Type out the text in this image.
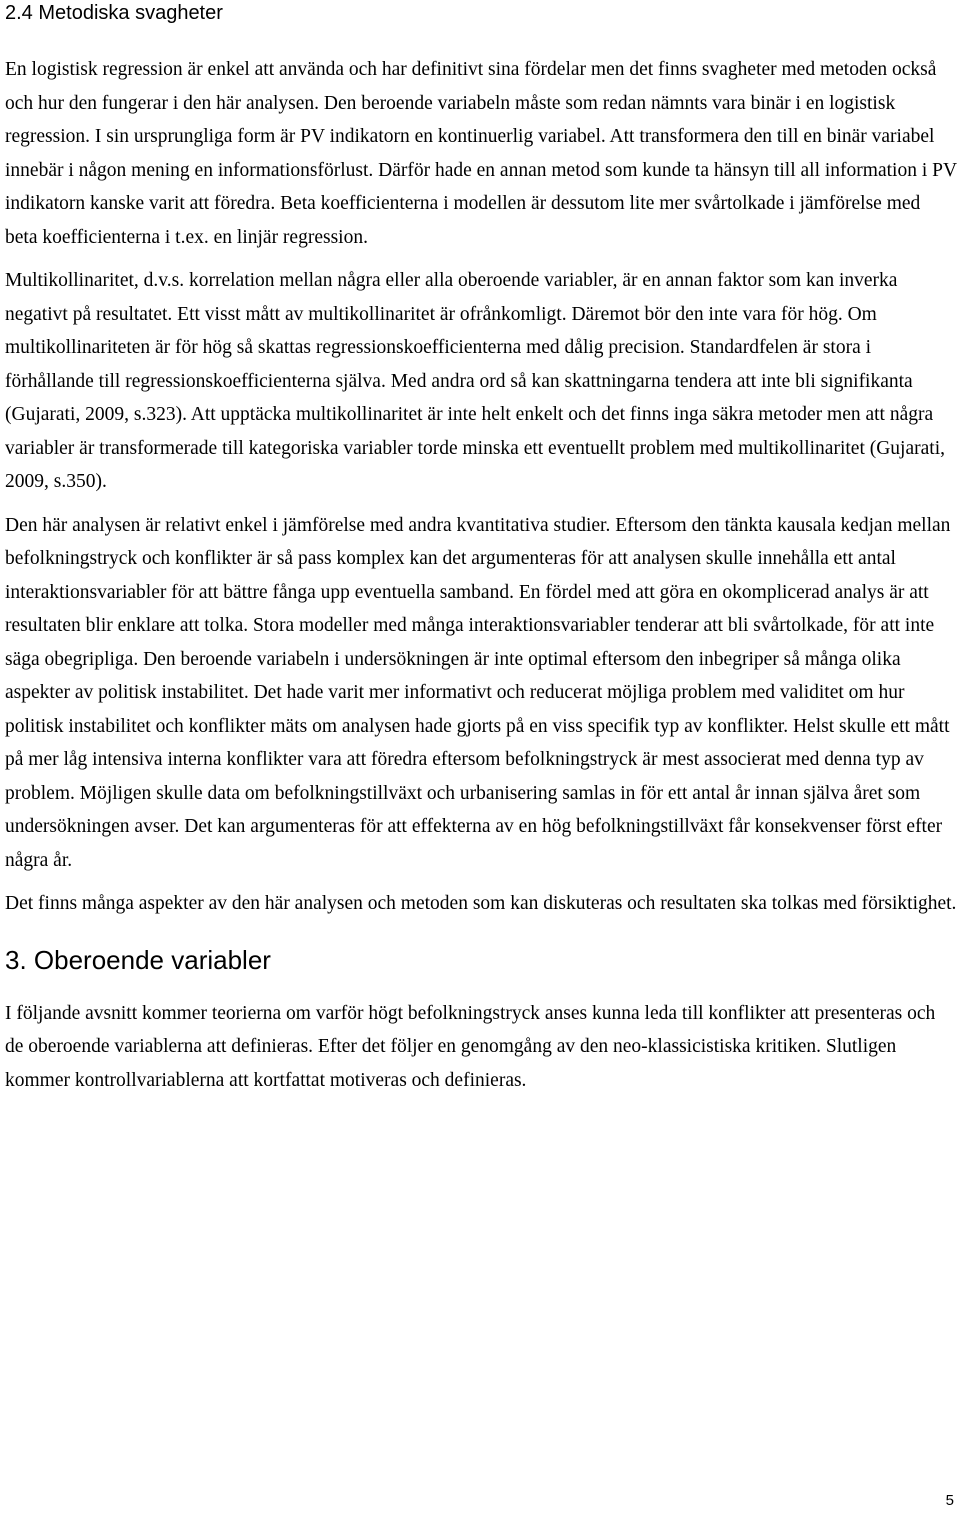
2.4 Metodiska svagheter

En logistisk regression är enkel att använda och har definitivt sina fördelar men det finns svagheter med metoden också och hur den fungerar i den här analysen. Den beroende variabeln måste som redan nämnts vara binär i en logistisk regression. I sin ursprungliga form är PV indikatorn en kontinuerlig variabel. Att transformera den till en binär variabel innebär i någon mening en informationsförlust. Därför hade en annan metod som kunde ta hänsyn till all information i PV indikatorn kanske varit att föredra. Beta koefficienterna i modellen är dessutom lite mer svårtolkade i jämförelse med beta koefficienterna i t.ex. en linjär regression.

Multikollinaritet, d.v.s. korrelation mellan några eller alla oberoende variabler, är en annan faktor som kan inverka negativt på resultatet. Ett visst mått av multikollinaritet är ofrånkomligt. Däremot bör den inte vara för hög. Om multikollinariteten är för hög så skattas regressionskoefficienterna med dålig precision. Standardfelen är stora i förhållande till regressionskoefficienterna själva. Med andra ord så kan skattningarna tendera att inte bli signifikanta (Gujarati, 2009, s.323). Att upptäcka multikollinaritet är inte helt enkelt och det finns inga säkra metoder men att några variabler är transformerade till kategoriska variabler torde minska ett eventuellt problem med multikollinaritet (Gujarati, 2009, s.350).

Den här analysen är relativt enkel i jämförelse med andra kvantitativa studier. Eftersom den tänkta kausala kedjan mellan befolkningstryck och konflikter är så pass komplex kan det argumenteras för att analysen skulle innehålla ett antal interaktionsvariabler för att bättre fånga upp eventuella samband. En fördel med att göra en okomplicerad analys är att resultaten blir enklare att tolka. Stora modeller med många interaktionsvariabler tenderar att bli svårtolkade, för att inte säga obegripliga. Den beroende variabeln i undersökningen är inte optimal eftersom den inbegriper så många olika aspekter av politisk instabilitet. Det hade varit mer informativt och reducerat möjliga problem med validitet om hur politisk instabilitet och konflikter mäts om analysen hade gjorts på en viss specifik typ av konflikter. Helst skulle ett mått på mer låg intensiva interna konflikter vara att föredra eftersom befolkningstryck är mest associerat med denna typ av problem. Möjligen skulle data om befolkningstillväxt och urbanisering samlas in för ett antal år innan själva året som undersökningen avser. Det kan argumenteras för att effekterna av en hög befolkningstillväxt får konsekvenser först efter några år.

Det finns många aspekter av den här analysen och metoden som kan diskuteras och resultaten ska tolkas med försiktighet.

3. Oberoende variabler

I följande avsnitt kommer teorierna om varför högt befolkningstryck anses kunna leda till konflikter att presenteras och de oberoende variablerna att definieras. Efter det följer en genomgång av den neo-klassicistiska kritiken. Slutligen kommer kontrollvariablerna att kortfattat motiveras och definieras.

5
